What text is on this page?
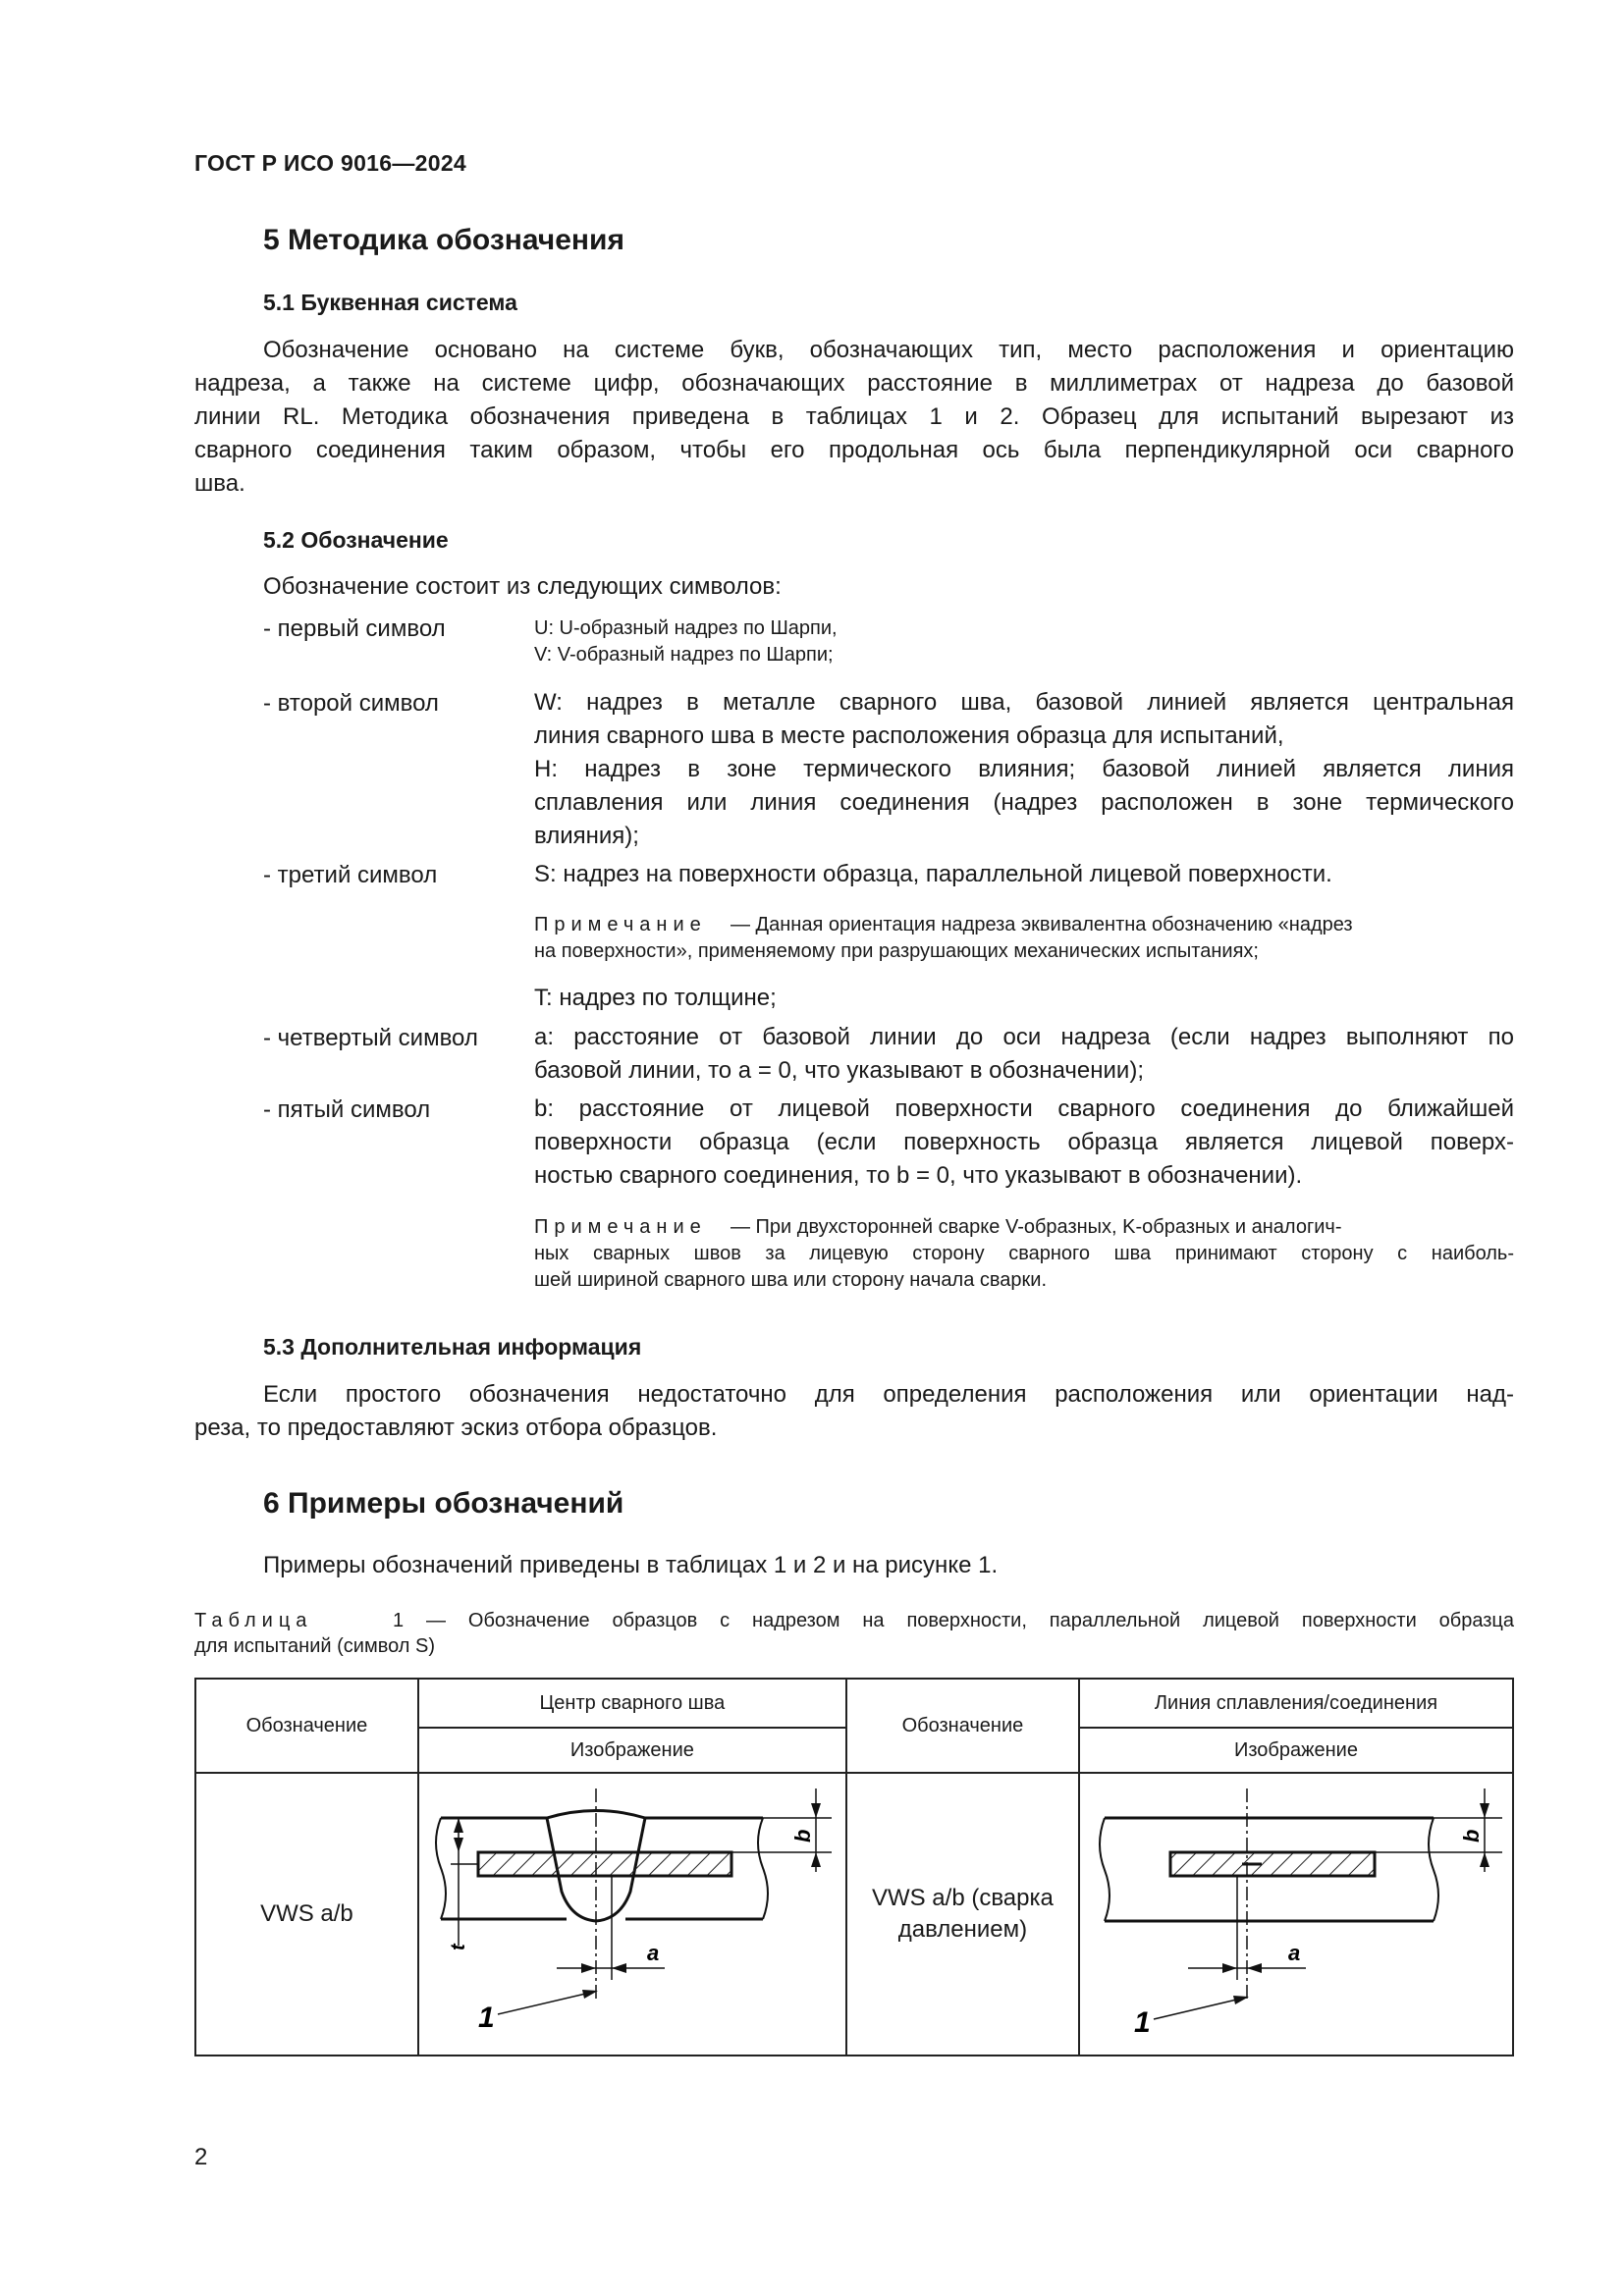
ГОСТ Р ИСО 9016—2024
5 Методика обозначения
5.1 Буквенная система
Обозначение основано на системе букв, обозначающих тип, место расположения и ориентацию
надреза, а также на системе цифр, обозначающих расстояние в миллиметрах от надреза до базовой
линии RL. Методика обозначения приведена в таблицах 1 и 2. Образец для испытаний вырезают из
сварного соединения таким образом, чтобы его продольная ось была перпендикулярной оси сварного
шва.
5.2 Обозначение
Обозначение состоит из следующих символов:
- первый символ	U: U-образный надрез по Шарпи,
V: V-образный надрез по Шарпи;
- второй символ	W: надрез в металле сварного шва, базовой линией является центральная
линия сварного шва в месте расположения образца для испытаний,
H: надрез в зоне термического влияния; базовой линией является линия
сплавления или линия соединения (надрез расположен в зоне термического
влияния);
- третий символ	S: надрез на поверхности образца, параллельной лицевой поверхности.
Примечание — Данная ориентация надреза эквивалентна обозначению «надрез
на поверхности», применяемому при разрушающих механических испытаниях;
T: надрез по толщине;
- четвертый символ a: расстояние от базовой линии до оси надреза (если надрез выполняют по
базовой линии, то a = 0, что указывают в обозначении);
- пятый символ	b: расстояние от лицевой поверхности сварного соединения до ближайшей
поверхности образца (если поверхность образца является лицевой поверх-
ностью сварного соединения, то b = 0, что указывают в обозначении).
Примечание — При двухсторонней сварке V-образных, K-образных и аналогич-
ных сварных швов за лицевую сторону сварного шва принимают сторону с наиболь-
шей шириной сварного шва или сторону начала сварки.
5.3 Дополнительная информация
Если простого обозначения недостаточно для определения расположения или ориентации над-
реза, то предоставляют эскиз отбора образцов.
6 Примеры обозначений
Примеры обозначений приведены в таблицах 1 и 2 и на рисунке 1.
Таблица	1 — Обозначение образцов с надрезом на поверхности, параллельной лицевой поверхности образца
для испытаний (символ S)
Обозначение	Центр сварного шва	Обозначение	Линия сплавления/соединения
	Изображение		Изображение
VWS a/b	b
t a
1	VWS a/b (сварка давлением)	b
a
1
2
